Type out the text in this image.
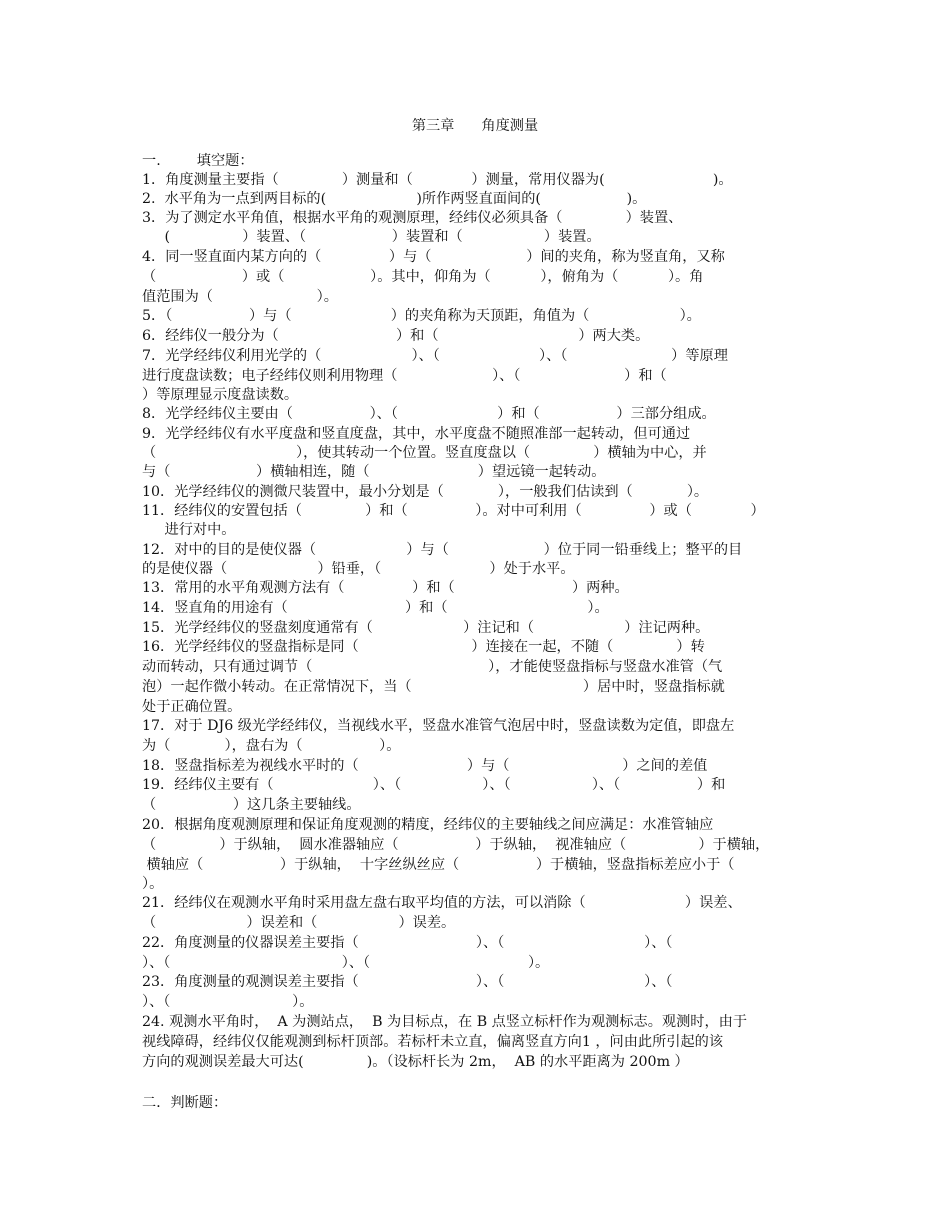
第三章      角度测量
一.        填空题：
1．角度测量主要指（              ）测量和（             ）测量，常用仪器为(                        )。
2.  水平角为一点到两目标的(                    )所作两竖直面间的(                   )。
3．为了测定水平角值，根据水平角的观测原理，经纬仪必须具备（              ）装置、
(                ）装置、（                   ）装置和（                  ）装置。
4．同一竖直面内某方向的（               ）与（                     ）间的夹角，称为竖直角，又称
（                   ）或（                   ）。其中，仰角为（           ），俯角为（           ）。角
值范围为（                       ）。
5．（                 ）与（                      ）的夹角称为天顶距，角值为（                    ）。
6．经纬仪一般分为（                          ）和（                               ）两大类。
7．光学经纬仪利用光学的（                    ）、（                      ）、（                       ）等原理
进行度盘读数；电子经纬仪则利用物理（                     ）、（                       ）和（
）等原理显示度盘读数。
8．光学经纬仪主要由（                 ）、（                      ）和（                 ）三部分组成。
9．光学经纬仪有水平度盘和竖直度盘，其中，水平度盘不随照准部一起转动，但可通过
（                               ），使其转动一个位置。竖直度盘以（              ）横轴为中心，并
与（                   ）横轴相连，随（                        ）望远镜一起转动。
10．光学经纬仪的测微尺装置中，最小分划是（            ），一般我们估读到（            ）。
11．经纬仪的安置包括（              ）和（               ）。对中可利用（               ）或（             ）
进行对中。
12．对中的目的是使仪器（                    ）与（                     ）位于同一铅垂线上；整平的目
的是使仪器（                    ）铅垂，（                        ）处于水平。
13．常用的水平角观测方法有（               ）和（                          ）两种。
14．竖直角的用途有（                          ）和（                               ）。
15．光学经纬仪的竖盘刻度通常有（                    ）注记和（                    ）注记两种。
16．光学经纬仪的竖盘指标是同（                         ）连接在一起，不随（              ）转
动而转动，只有通过调节（                                       ），才能使竖盘指标与竖盘水准管（气
泡）一起作微小转动。在正常情况下，当（                                      ）居中时，竖盘指标就
处于正确位置。
17．对于 DJ6 级光学经纬仪，当视线水平，竖盘水准管气泡居中时，竖盘读数为定值，即盘左
为（            ），盘右为（                 ）。
18．竖盘指标差为视线水平时的（                        ）与（                         ）之间的差值
19．经纬仪主要有（                      ）、（                  ）、（                  ）、（                 ）和
（                 ）这几条主要轴线。
20．根据角度观测原理和保证角度观测的精度，经纬仪的主要轴线之间应满足：水准管轴应
（              ）于纵轴，  圆水准器轴应（                 ）于纵轴，  视准轴应（                ）于横轴，
横轴应（                 ）于纵轴，  十字丝纵丝应（                 ）于横轴，竖盘指标差应小于（
）。
21．经纬仪在观测水平角时采用盘左盘右取平均值的方法，可以消除（                      ）误差、
（                    ）误差和（                  ）误差。
22．角度测量的仪器误差主要指（                          ）、（                               ）、（
）、（                                      ）、（                                   ）。
23．角度测量的观测误差主要指（                          ）、（                               ）、（
）、（                           ）。
24. 观测水平角时，  A 为测站点，  B 为目标点，在 B 点竖立标杆作为观测标志。观测时，由于
视线障碍，经纬仪仅能观测到标杆顶部。若标杆未立直，偏离竖直方向1 ，问由此所引起的该
方向的观测误差最大可达(              )。（设标杆长为 2m，  AB 的水平距离为 200m ）
二．判断题：
